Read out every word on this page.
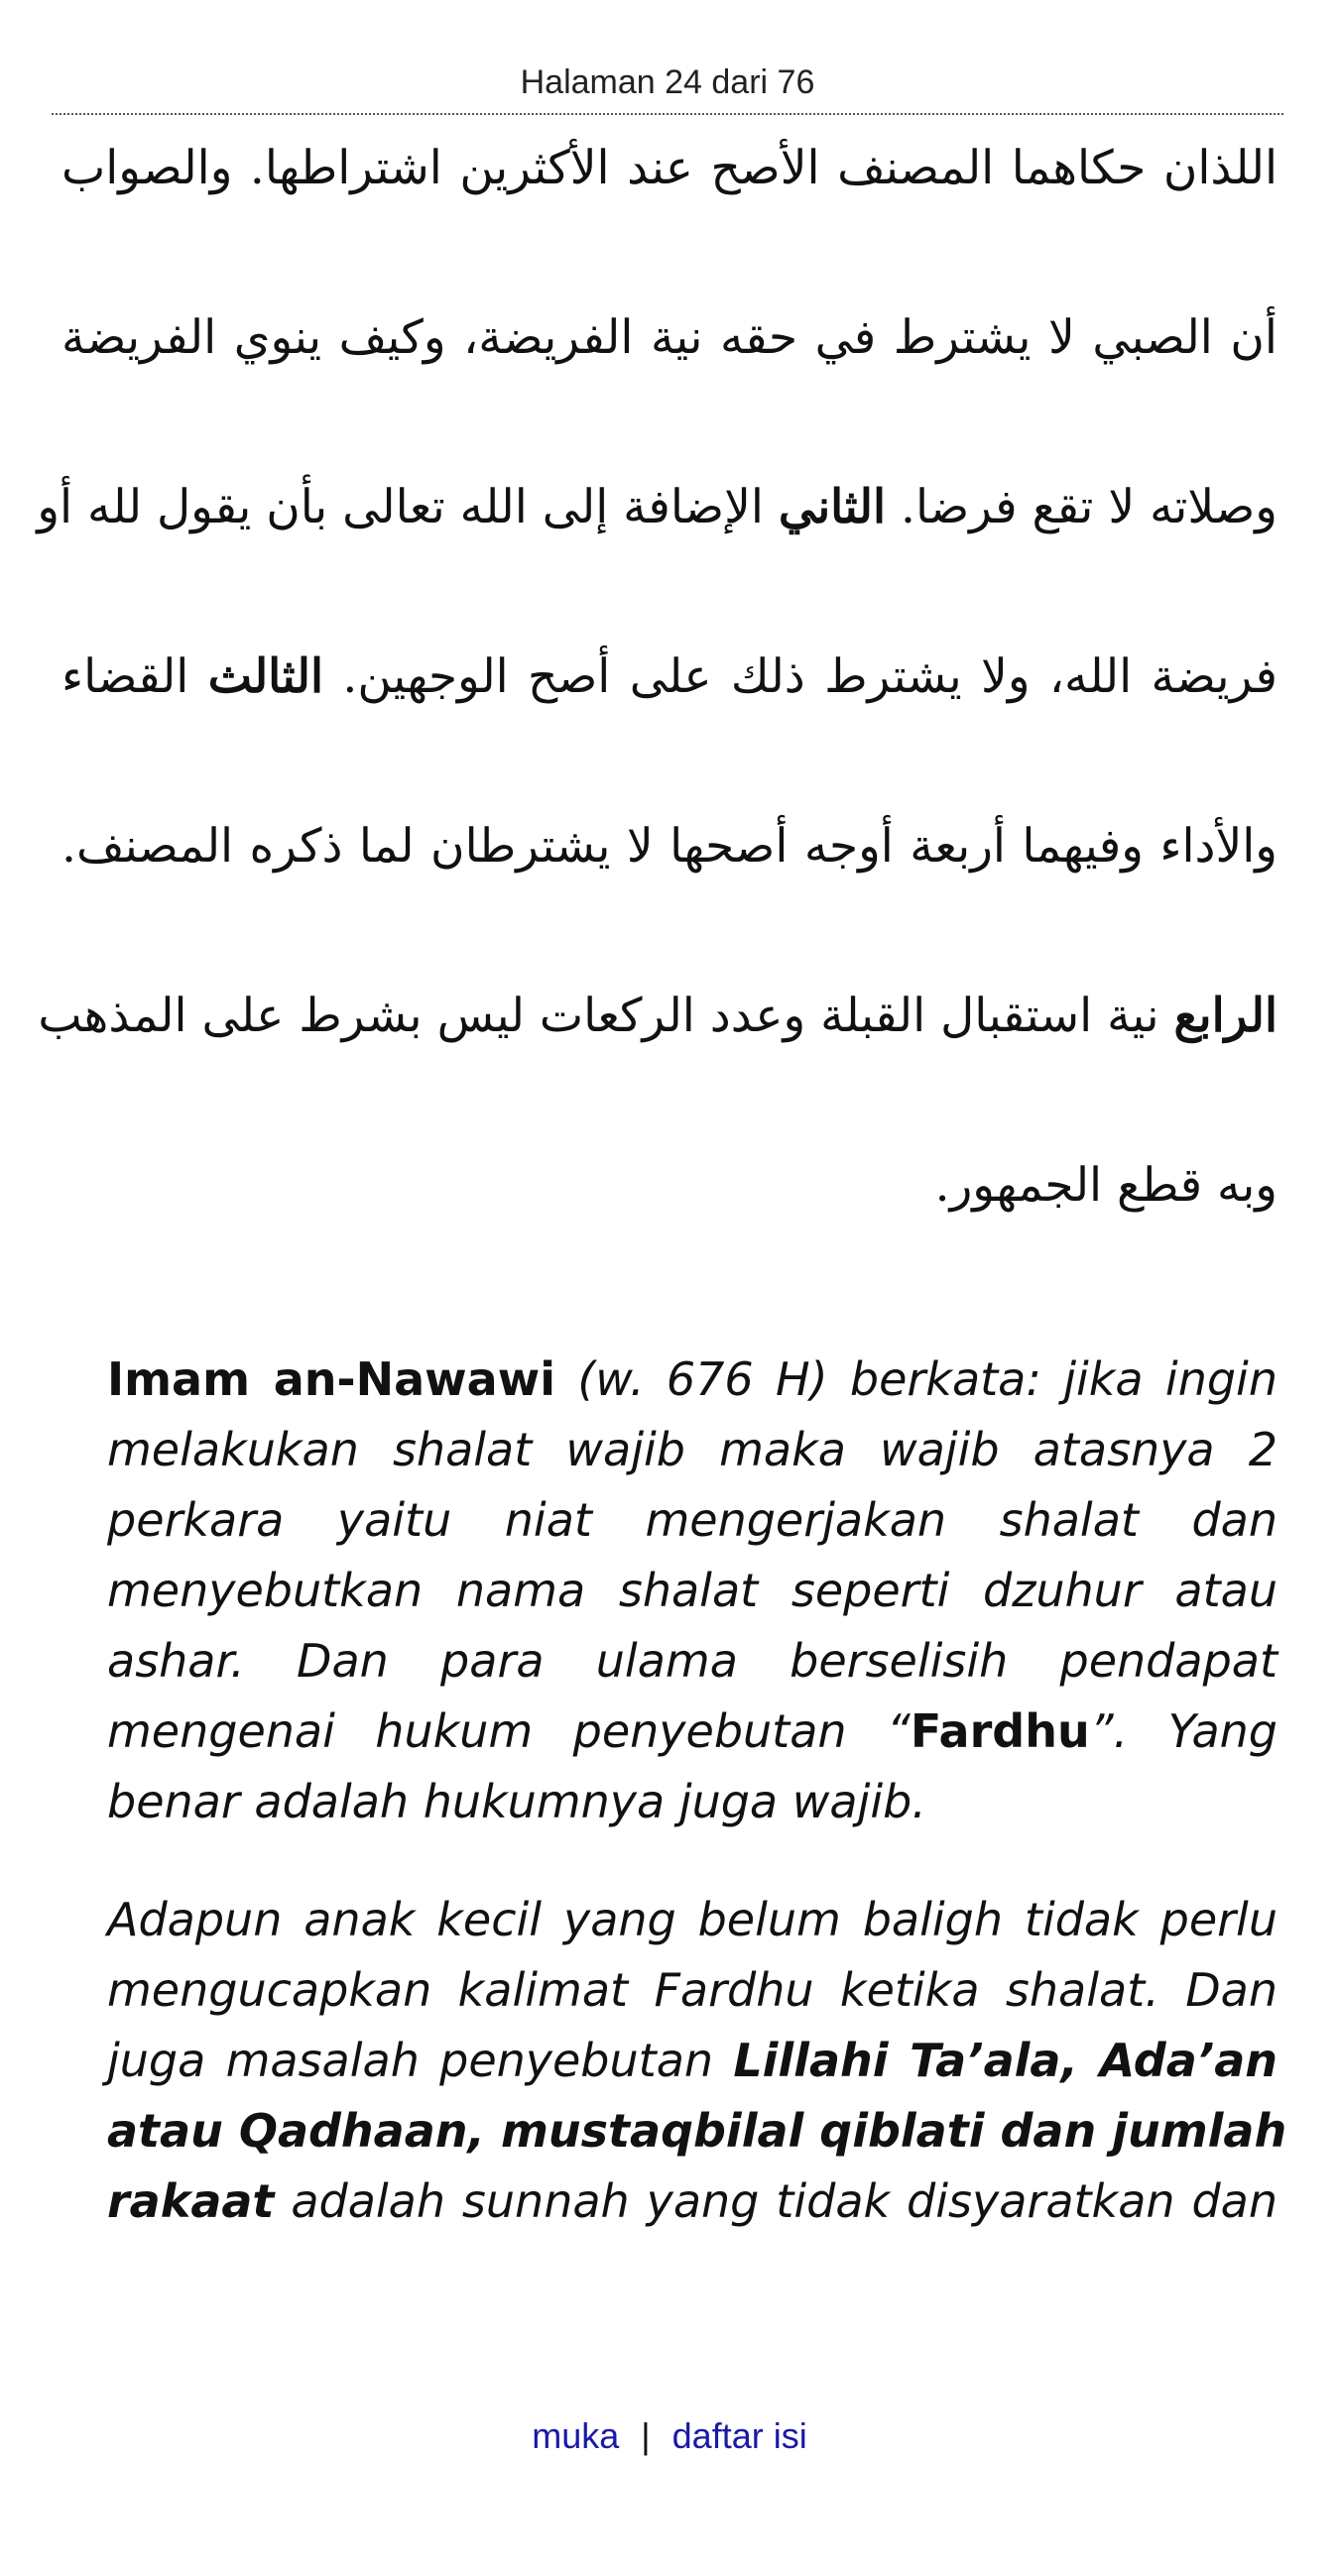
Halaman 24 dari 76
اللذان حكاهما المصنف الأصح عند الأكثرين اشتراطها. والصواب
أن الصبي لا يشترط في حقه نية الفريضة، وكيف ينوي الفريضة
وصلاته لا تقع فرضا. الثاني الإضافة إلى الله تعالى بأن يقول لله أو
فريضة الله، ولا يشترط ذلك على أصح الوجهين. الثالث القضاء
والأداء وفيهما أربعة أوجه أصحها لا يشترطان لما ذكره المصنف.
الرابع نية استقبال القبلة وعدد الركعات ليس بشرط على المذهب
وبه قطع الجمهور.
Imam an-Nawawi (w. 676 H) berkata: jika ingin
melakukan shalat wajib maka wajib atasnya 2
perkara yaitu niat mengerjakan shalat dan
menyebutkan nama shalat seperti dzuhur atau
ashar. Dan para ulama berselisih pendapat
mengenai hukum penyebutan “Fardhu”. Yang
benar adalah hukumnya juga wajib.
Adapun anak kecil yang belum baligh tidak perlu
mengucapkan kalimat Fardhu ketika shalat. Dan
juga masalah penyebutan Lillahi Ta’ala, Ada’an
atau Qadhaan, mustaqbilal qiblati dan jumlah
rakaat adalah sunnah yang tidak disyaratkan dan
muka | daftar isi
